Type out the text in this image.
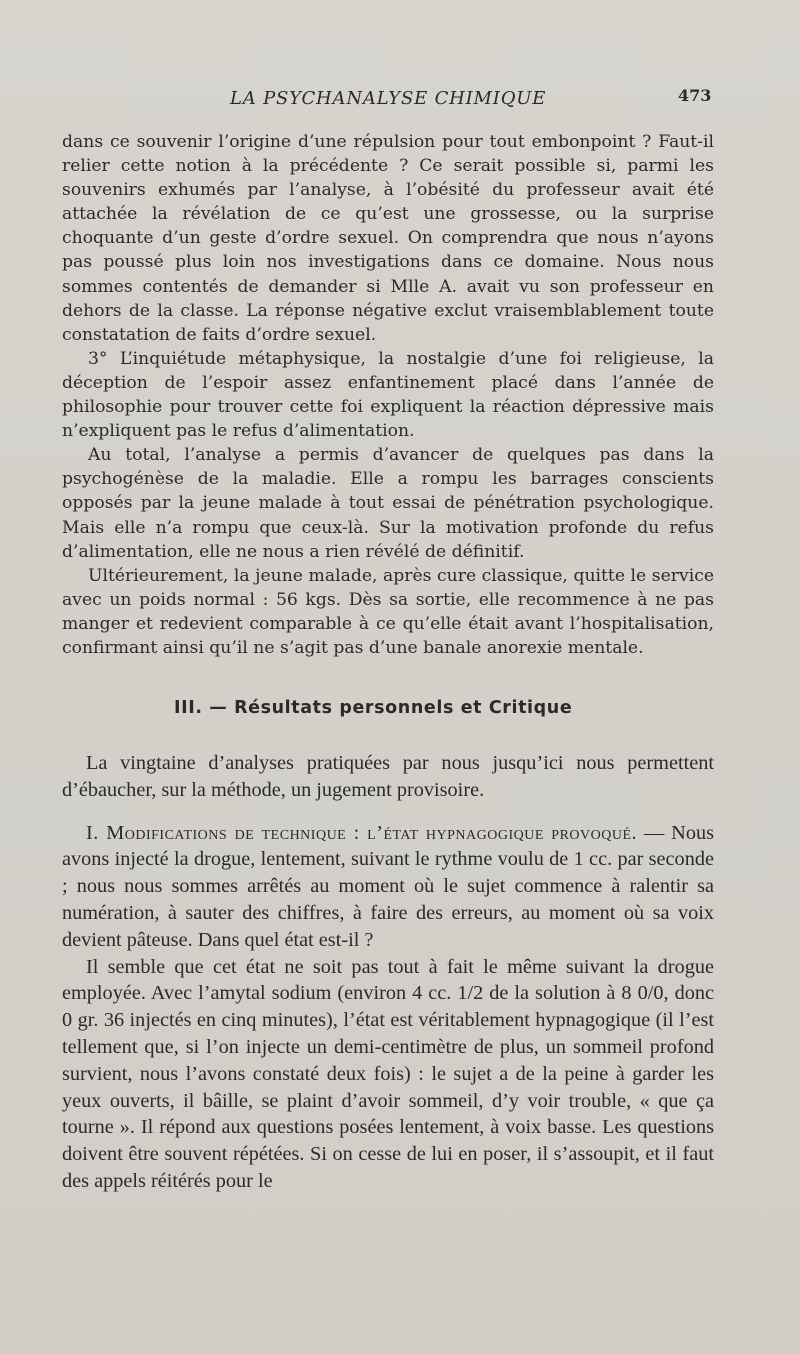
LA PSYCHANALYSE CHIMIQUE	473

dans ce souvenir l’origine d’une répulsion pour tout embonpoint ? Faut-il relier cette notion à la précédente ? Ce serait possible si, parmi les souvenirs exhumés par l’analyse, à l’obésité du professeur avait été attachée la révélation de ce qu’est une grossesse, ou la surprise choquante d’un geste d’ordre sexuel. On comprendra que nous n’ayons pas poussé plus loin nos investigations dans ce domaine. Nous nous sommes contentés de demander si Mlle A. avait vu son professeur en dehors de la classe. La réponse négative exclut vraisemblablement toute constatation de faits d’ordre sexuel.

3° L’inquiétude métaphysique, la nostalgie d’une foi religieuse, la déception de l’espoir assez enfantinement placé dans l’année de philosophie pour trouver cette foi expliquent la réaction dépressive mais n’expliquent pas le refus d’alimentation.

Au total, l’analyse a permis d’avancer de quelques pas dans la psychogénèse de la maladie. Elle a rompu les barrages conscients opposés par la jeune malade à tout essai de pénétration psychologique. Mais elle n’a rompu que ceux-là. Sur la motivation profonde du refus d’alimentation, elle ne nous a rien révélé de définitif.

Ultérieurement, la jeune malade, après cure classique, quitte le service avec un poids normal : 56 kgs. Dès sa sortie, elle recommence à ne pas manger et redevient comparable à ce qu’elle était avant l’hospitalisation, confirmant ainsi qu’il ne s’agit pas d’une banale anorexie mentale.

III. — Résultats personnels et Critique

La vingtaine d’analyses pratiquées par nous jusqu’ici nous permettent d’ébaucher, sur la méthode, un jugement provisoire.

I. Modifications de technique : l’état hypnagogique provoqué. — Nous avons injecté la drogue, lentement, suivant le rythme voulu de 1 cc. par seconde ; nous nous sommes arrêtés au moment où le sujet commence à ralentir sa numération, à sauter des chiffres, à faire des erreurs, au moment où sa voix devient pâteuse. Dans quel état est-il ?

Il semble que cet état ne soit pas tout à fait le même suivant la drogue employée. Avec l’amytal sodium (environ 4 cc. 1/2 de la solution à 8 0/0, donc 0 gr. 36 injectés en cinq minutes), l’état est véritablement hypnagogique (il l’est tellement que, si l’on injecte un demi-centimètre de plus, un sommeil profond survient, nous l’avons constaté deux fois) : le sujet a de la peine à garder les yeux ouverts, il bâille, se plaint d’avoir sommeil, d’y voir trouble, « que ça tourne ». Il répond aux questions posées lentement, à voix basse. Les questions doivent être souvent répétées. Si on cesse de lui en poser, il s’assoupit, et il faut des appels réitérés pour le
